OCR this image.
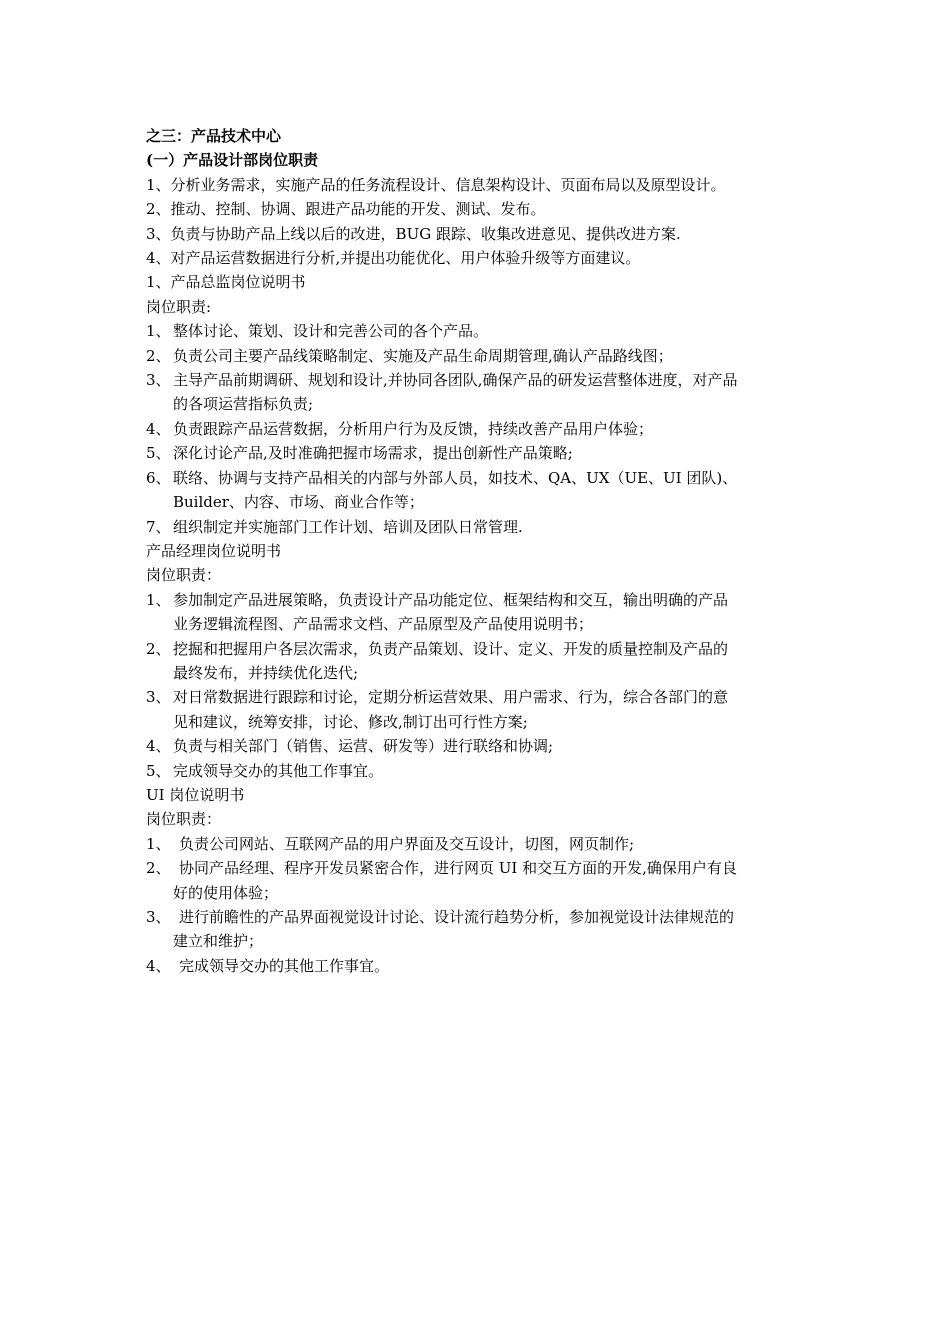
之三：产品技术中心
(一）产品设计部岗位职责
1、分析业务需求，实施产品的任务流程设计、信息架构设计、页面布局以及原型设计。
2、推动、控制、协调、跟进产品功能的开发、测试、发布。
3、负责与协助产品上线以后的改进，BUG 跟踪、收集改进意见、提供改进方案.
4、对产品运营数据进行分析,并提出功能优化、用户体验升级等方面建议。
1、产品总监岗位说明书
岗位职责:
1、 整体讨论、策划、设计和完善公司的各个产品。
2、 负责公司主要产品线策略制定、实施及产品生命周期管理,确认产品路线图；
3、 主导产品前期调研、规划和设计,并协同各团队,确保产品的研发运营整体进度，对产品
的各项运营指标负责;
4、 负责跟踪产品运营数据，分析用户行为及反馈，持续改善产品用户体验；
5、 深化讨论产品,及时准确把握市场需求，提出创新性产品策略;
6、 联络、协调与支持产品相关的内部与外部人员，如技术、QA、UX（UE、UI 团队)、
Builder、内容、市场、商业合作等；
7、 组织制定并实施部门工作计划、培训及团队日常管理.
产品经理岗位说明书
岗位职责：
1、 参加制定产品进展策略，负责设计产品功能定位、框架结构和交互，输出明确的产品
业务逻辑流程图、产品需求文档、产品原型及产品使用说明书；
2、 挖掘和把握用户各层次需求，负责产品策划、设计、定义、开发的质量控制及产品的
最终发布，并持续优化迭代;
3、 对日常数据进行跟踪和讨论，定期分析运营效果、用户需求、行为，综合各部门的意
见和建议，统筹安排，讨论、修改,制订出可行性方案;
4、 负责与相关部门（销售、运营、研发等）进行联络和协调;
5、 完成领导交办的其他工作事宜。
UI 岗位说明书
岗位职责：
1、 负责公司网站、互联网产品的用户界面及交互设计，切图，网页制作;
2、 协同产品经理、程序开发员紧密合作，进行网页 UI 和交互方面的开发,确保用户有良
好的使用体验；
3、 进行前瞻性的产品界面视觉设计讨论、设计流行趋势分析，参加视觉设计法律规范的
建立和维护；
4、 完成领导交办的其他工作事宜。
